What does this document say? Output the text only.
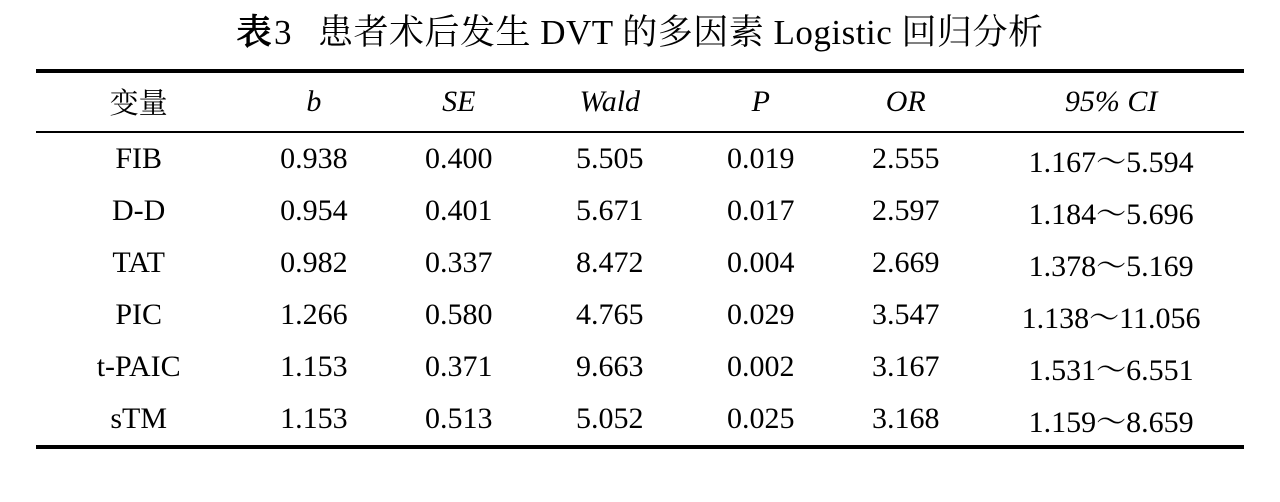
表3 患者术后发生 DVT 的多因素 Logistic 回归分析
变量	b	SE	Wald	P	OR	95% CI
FIB	0.938	0.400	5.505	0.019	2.555	1.167～5.594
D-D	0.954	0.401	5.671	0.017	2.597	1.184～5.696
TAT	0.982	0.337	8.472	0.004	2.669	1.378～5.169
PIC	1.266	0.580	4.765	0.029	3.547	1.138～11.056
t-PAIC	1.153	0.371	9.663	0.002	3.167	1.531～6.551
sTM	1.153	0.513	5.052	0.025	3.168	1.159～8.659
